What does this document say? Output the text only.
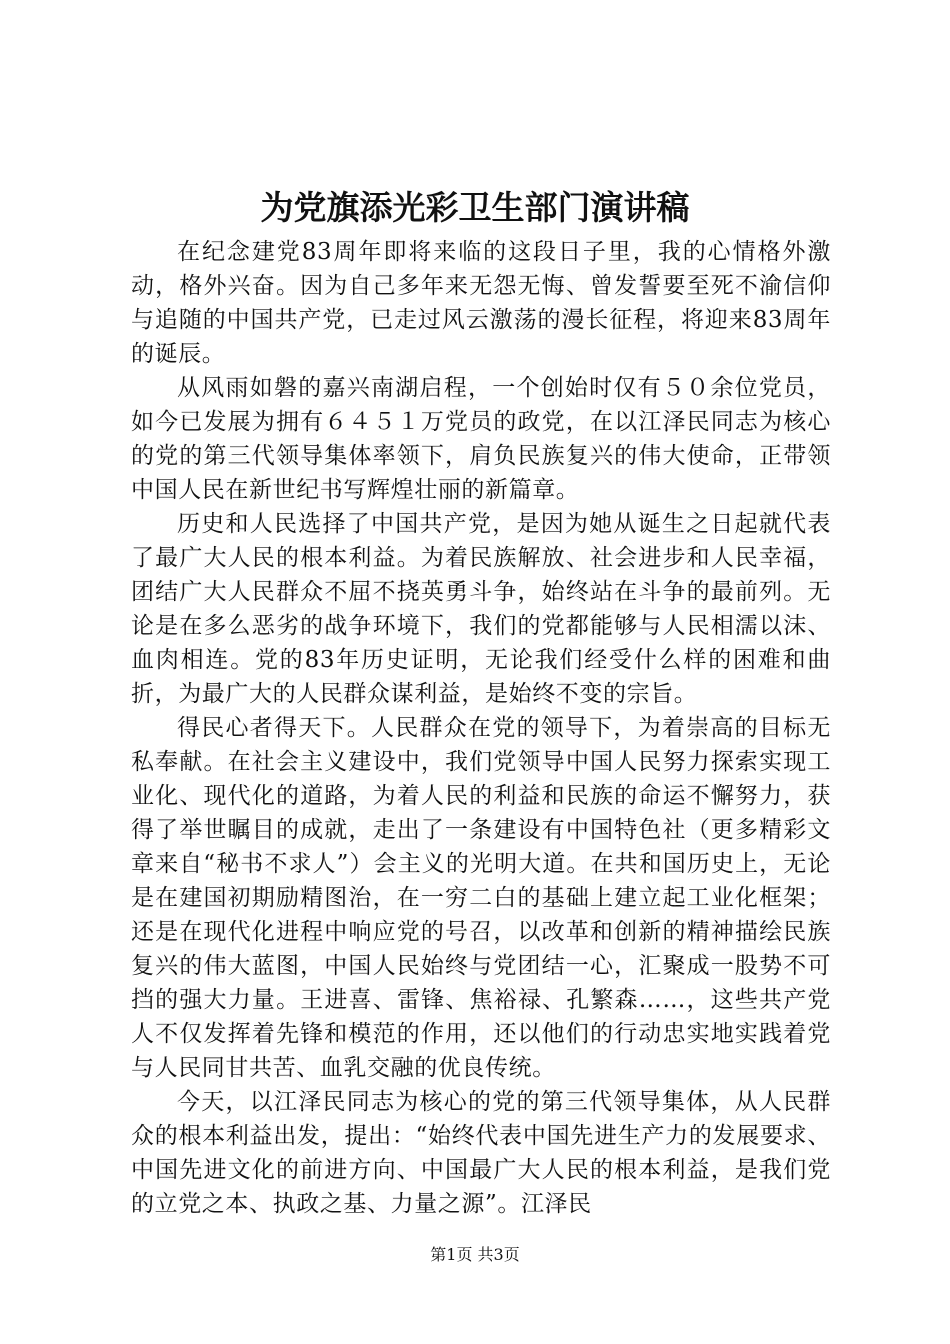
为党旗添光彩卫生部门演讲稿

在纪念建党83周年即将来临的这段日子里，我的心情格外激动，格外兴奋。因为自己多年来无怨无悔、曾发誓要至死不渝信仰与追随的中国共产党，已走过风云激荡的漫长征程，将迎来83周年的诞辰。

从风雨如磐的嘉兴南湖启程，一个创始时仅有５０余位党员，如今已发展为拥有６４５１万党员的政党，在以江泽民同志为核心的党的第三代领导集体率领下，肩负民族复兴的伟大使命，正带领中国人民在新世纪书写辉煌壮丽的新篇章。

历史和人民选择了中国共产党，是因为她从诞生之日起就代表了最广大人民的根本利益。为着民族解放、社会进步和人民幸福，团结广大人民群众不屈不挠英勇斗争，始终站在斗争的最前列。无论是在多么恶劣的战争环境下，我们的党都能够与人民相濡以沫、血肉相连。党的83年历史证明，无论我们经受什么样的困难和曲折，为最广大的人民群众谋利益，是始终不变的宗旨。

得民心者得天下。人民群众在党的领导下，为着崇高的目标无私奉献。在社会主义建设中，我们党领导中国人民努力探索实现工业化、现代化的道路，为着人民的利益和民族的命运不懈努力，获得了举世瞩目的成就，走出了一条建设有中国特色社（更多精彩文章来自“秘书不求人”）会主义的光明大道。在共和国历史上，无论是在建国初期励精图治，在一穷二白的基础上建立起工业化框架；还是在现代化进程中响应党的号召，以改革和创新的精神描绘民族复兴的伟大蓝图，中国人民始终与党团结一心，汇聚成一股势不可挡的强大力量。王进喜、雷锋、焦裕禄、孔繁森……，这些共产党人不仅发挥着先锋和模范的作用，还以他们的行动忠实地实践着党与人民同甘共苦、血乳交融的优良传统。

今天，以江泽民同志为核心的党的第三代领导集体，从人民群众的根本利益出发，提出：“始终代表中国先进生产力的发展要求、中国先进文化的前进方向、中国最广大人民的根本利益，是我们党的立党之本、执政之基、力量之源”。江泽民

第1页 共3页
